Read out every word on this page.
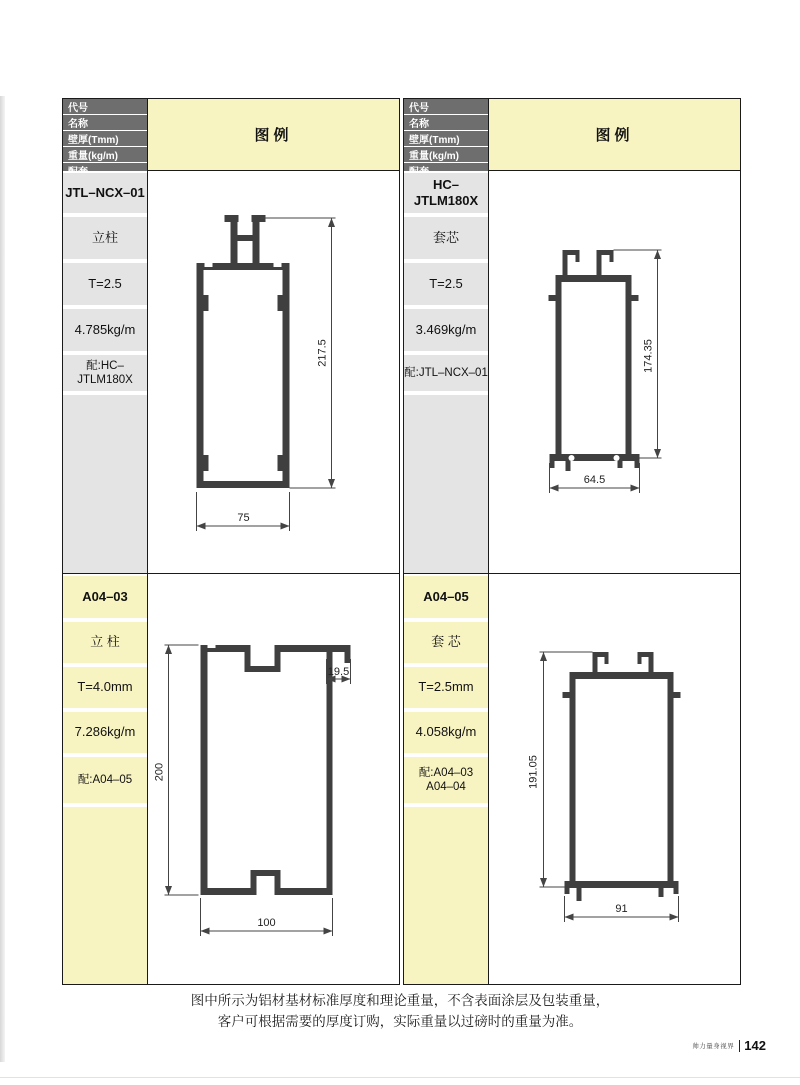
代号
名称
壁厚(Tmm)
重量(kg/m)
图例
JTL–NCX–01
立柱
T=2.5
4.785kg/m
配:HC–JTLM180X
217.5
75
A04–03
立 柱
T=4.0mm
7.286kg/m
配:A04–05
19.5
200
100
代号
名称
壁厚(Tmm)
重量(kg/m)
图例
HC–JTLM180X
套芯
T=2.5
3.469kg/m
配:JTL–NCX–01	174.35
64.5
A04–05
套 芯
T=2.5mm
4.058kg/m
配:A04–03
A04–04	191.05
91
图中所示为铝材基材标准厚度和理论重量，不含表面涂层及包装重量，
客户可根据需要的厚度订购，实际重量以过磅时的重量为准。
帅力量身视界 142
